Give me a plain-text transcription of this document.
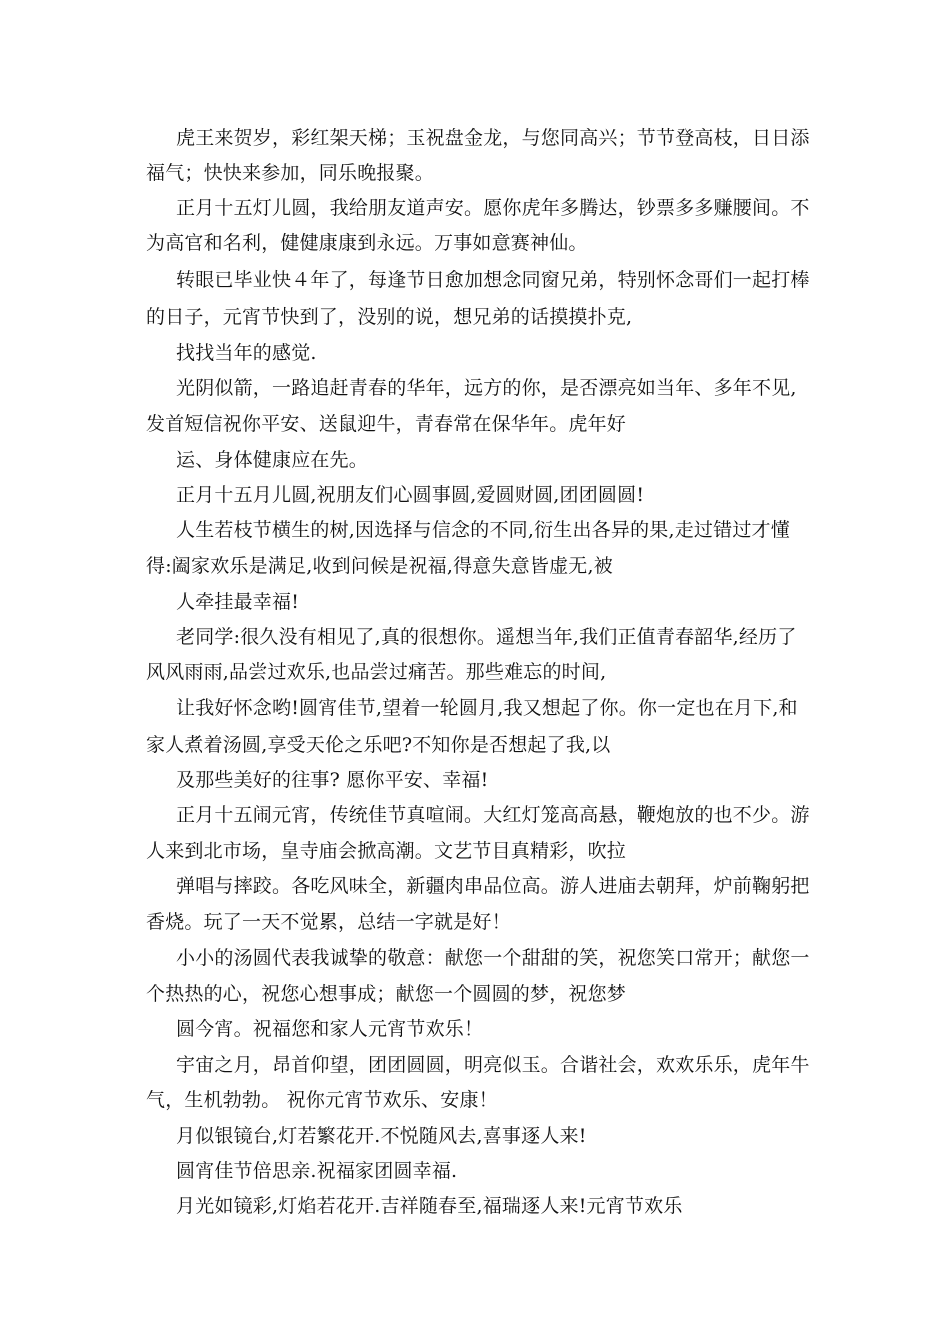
虎王来贺岁，彩红架天梯；玉祝盘金龙，与您同高兴；节节登高枝，日日添
福气；快快来参加，同乐晚报聚。
正月十五灯儿圆，我给朋友道声安。愿你虎年多腾达，钞票多多赚腰间。不
为高官和名利，健健康康到永远。万事如意赛神仙。
转眼已毕业快４年了，每逢节日愈加想念同窗兄弟，特别怀念哥们一起打棒
的日子，元宵节快到了，没别的说，想兄弟的话摸摸扑克,
找找当年的感觉.
光阴似箭，一路追赶青春的华年，远方的你，是否漂亮如当年、多年不见,
发首短信祝你平安、送鼠迎牛，青春常在保华年。虎年好
运、身体健康应在先。
正月十五月儿圆,祝朋友们心圆事圆,爱圆财圆,团团圆圆!
人生若枝节横生的树,因选择与信念的不同,衍生出各异的果,走过错过才懂
得:阖家欢乐是满足,收到问候是祝福,得意失意皆虚无,被
人牵挂最幸福!
老同学:很久没有相见了,真的很想你。遥想当年,我们正值青春韶华,经历了
风风雨雨,品尝过欢乐,也品尝过痛苦。那些难忘的时间,
让我好怀念哟!圆宵佳节,望着一轮圆月,我又想起了你。你一定也在月下,和
家人煮着汤圆,享受天伦之乐吧?不知你是否想起了我,以
及那些美好的往事? 愿你平安、幸福!
正月十五闹元宵，传统佳节真喧闹。大红灯笼高高悬，鞭炮放的也不少。游
人来到北市场，皇寺庙会掀高潮。文艺节目真精彩，吹拉
弹唱与摔跤。各吃风味全，新疆肉串品位高。游人进庙去朝拜，炉前鞠躬把
香烧。玩了一天不觉累，总结一字就是好！
小小的汤圆代表我诚挚的敬意：献您一个甜甜的笑，祝您笑口常开；献您一
个热热的心，祝您心想事成；献您一个圆圆的梦，祝您梦
圆今宵。祝福您和家人元宵节欢乐！
宇宙之月，昂首仰望，团团圆圆，明亮似玉。合谐社会，欢欢乐乐，虎年牛
气，生机勃勃。 祝你元宵节欢乐、安康！
月似银镜台,灯若繁花开.不悦随风去,喜事逐人来!
圆宵佳节倍思亲.祝福家团圆幸福.
月光如镜彩,灯焰若花开.吉祥随春至,福瑞逐人来!元宵节欢乐
